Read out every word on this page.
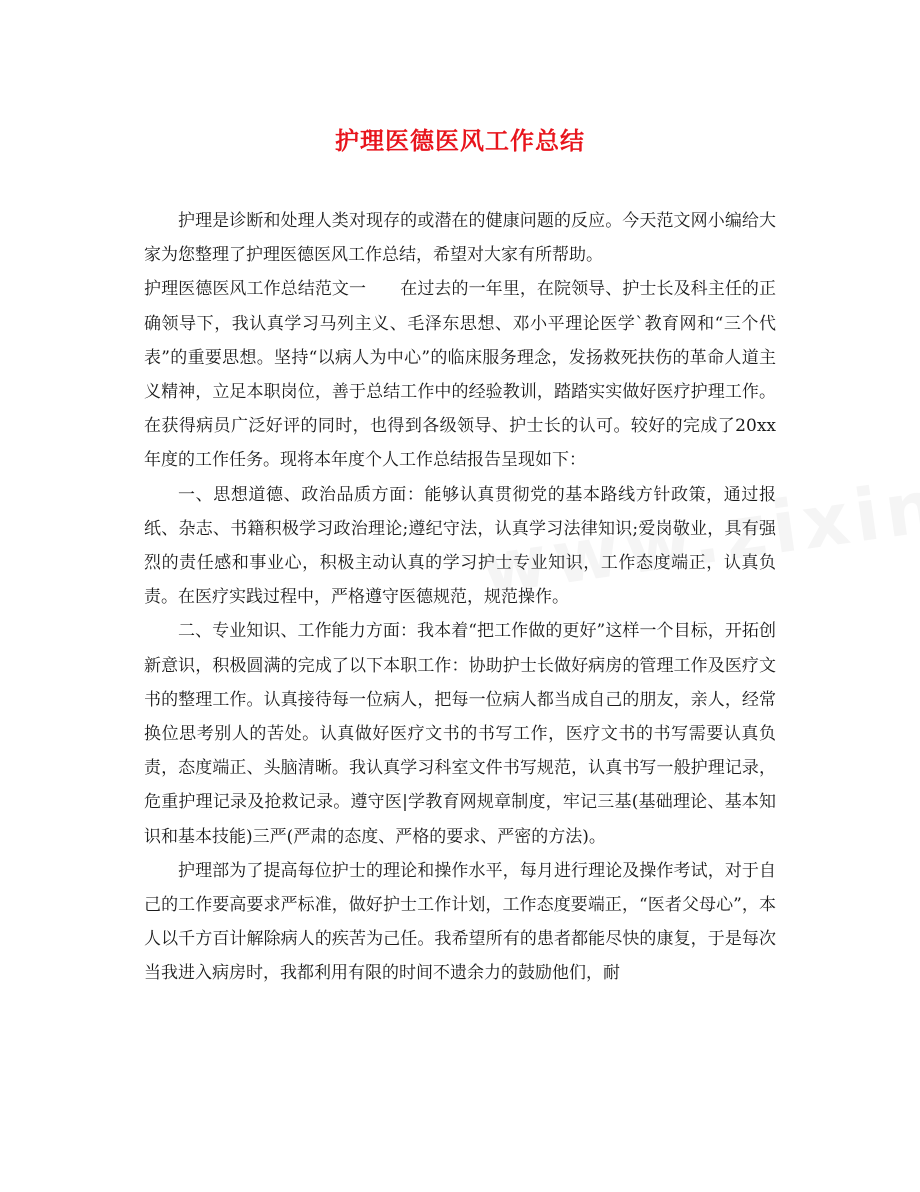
护理医德医风工作总结

护理是诊断和处理人类对现存的或潜在的健康问题的反应。今天范文网小编给大家为您整理了护理医德医风工作总结，希望对大家有所帮助。

护理医德医风工作总结范文一　　在过去的一年里，在院领导、护士长及科主任的正确领导下，我认真学习马列主义、毛泽东思想、邓小平理论医学`教育网和“三个代表”的重要思想。坚持“以病人为中心”的临床服务理念，发扬救死扶伤的革命人道主义精神，立足本职岗位，善于总结工作中的经验教训，踏踏实实做好医疗护理工作。在获得病员广泛好评的同时，也得到各级领导、护士长的认可。较好的完成了20xx年度的工作任务。现将本年度个人工作总结报告呈现如下：

一、思想道德、政治品质方面：能够认真贯彻党的基本路线方针政策，通过报纸、杂志、书籍积极学习政治理论;遵纪守法，认真学习法律知识;爱岗敬业，具有强烈的责任感和事业心，积极主动认真的学习护士专业知识，工作态度端正，认真负责。在医疗实践过程中，严格遵守医德规范，规范操作。

二、专业知识、工作能力方面：我本着“把工作做的更好”这样一个目标，开拓创新意识，积极圆满的完成了以下本职工作：协助护士长做好病房的管理工作及医疗文书的整理工作。认真接待每一位病人，把每一位病人都当成自己的朋友，亲人，经常换位思考别人的苦处。认真做好医疗文书的书写工作，医疗文书的书写需要认真负责，态度端正、头脑清晰。我认真学习科室文件书写规范，认真书写一般护理记录，危重护理记录及抢救记录。遵守医|学教育网规章制度，牢记三基(基础理论、基本知识和基本技能)三严(严肃的态度、严格的要求、严密的方法)。

护理部为了提高每位护士的理论和操作水平，每月进行理论及操作考试，对于自己的工作要高要求严标准，做好护士工作计划，工作态度要端正，“医者父母心”，本人以千方百计解除病人的疾苦为己任。我希望所有的患者都能尽快的康复，于是每次当我进入病房时，我都利用有限的时间不遗余力的鼓励他们，耐
